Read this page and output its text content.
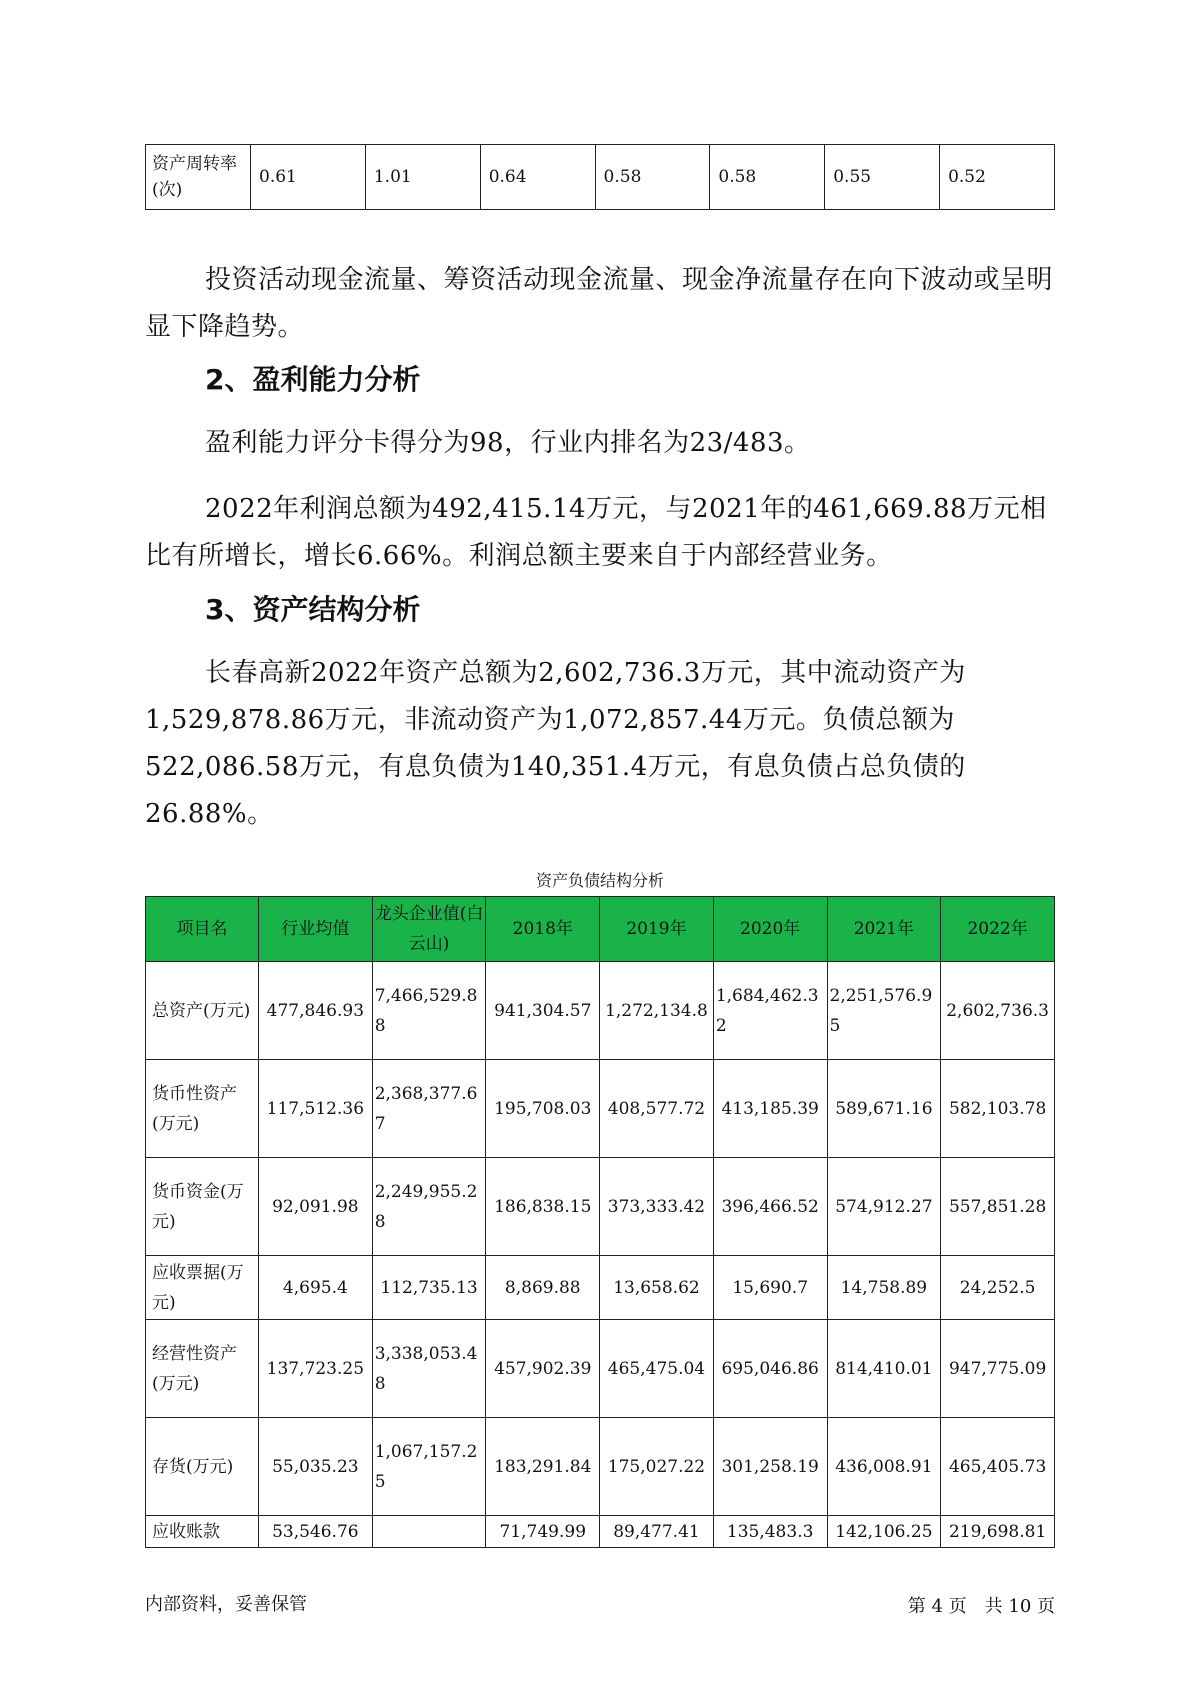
资产周转率(次)	0.61	1.01	0.64	0.58	0.58	0.55	0.52

投资活动现金流量、筹资活动现金流量、现金净流量存在向下波动或呈明显下降趋势。

2、盈利能力分析

盈利能力评分卡得分为98，行业内排名为23/483。

2022年利润总额为492,415.14万元，与2021年的461,669.88万元相比有所增长，增长6.66%。利润总额主要来自于内部经营业务。

3、资产结构分析

长春高新2022年资产总额为2,602,736.3万元，其中流动资产为1,529,878.86万元，非流动资产为1,072,857.44万元。负债总额为522,086.58万元，有息负债为140,351.4万元，有息负债占总负债的26.88%。

资产负债结构分析
项目名	行业均值	龙头企业值(白云山)	2018年	2019年	2020年	2021年	2022年
总资产(万元)	477,846.93	7,466,529.88	941,304.57	1,272,134.8	1,684,462.32	2,251,576.95	2,602,736.3
货币性资产(万元)	117,512.36	2,368,377.67	195,708.03	408,577.72	413,185.39	589,671.16	582,103.78
货币资金(万元)	92,091.98	2,249,955.28	186,838.15	373,333.42	396,466.52	574,912.27	557,851.28
应收票据(万元)	4,695.4	112,735.13	8,869.88	13,658.62	15,690.7	14,758.89	24,252.5
经营性资产(万元)	137,723.25	3,338,053.48	457,902.39	465,475.04	695,046.86	814,410.01	947,775.09
存货(万元)	55,035.23	1,067,157.25	183,291.84	175,027.22	301,258.19	436,008.91	465,405.73
应收账款	53,546.76		71,749.99	89,477.41	135,483.3	142,106.25	219,698.81
内部资料，妥善保管	第 4 页　共 10 页
